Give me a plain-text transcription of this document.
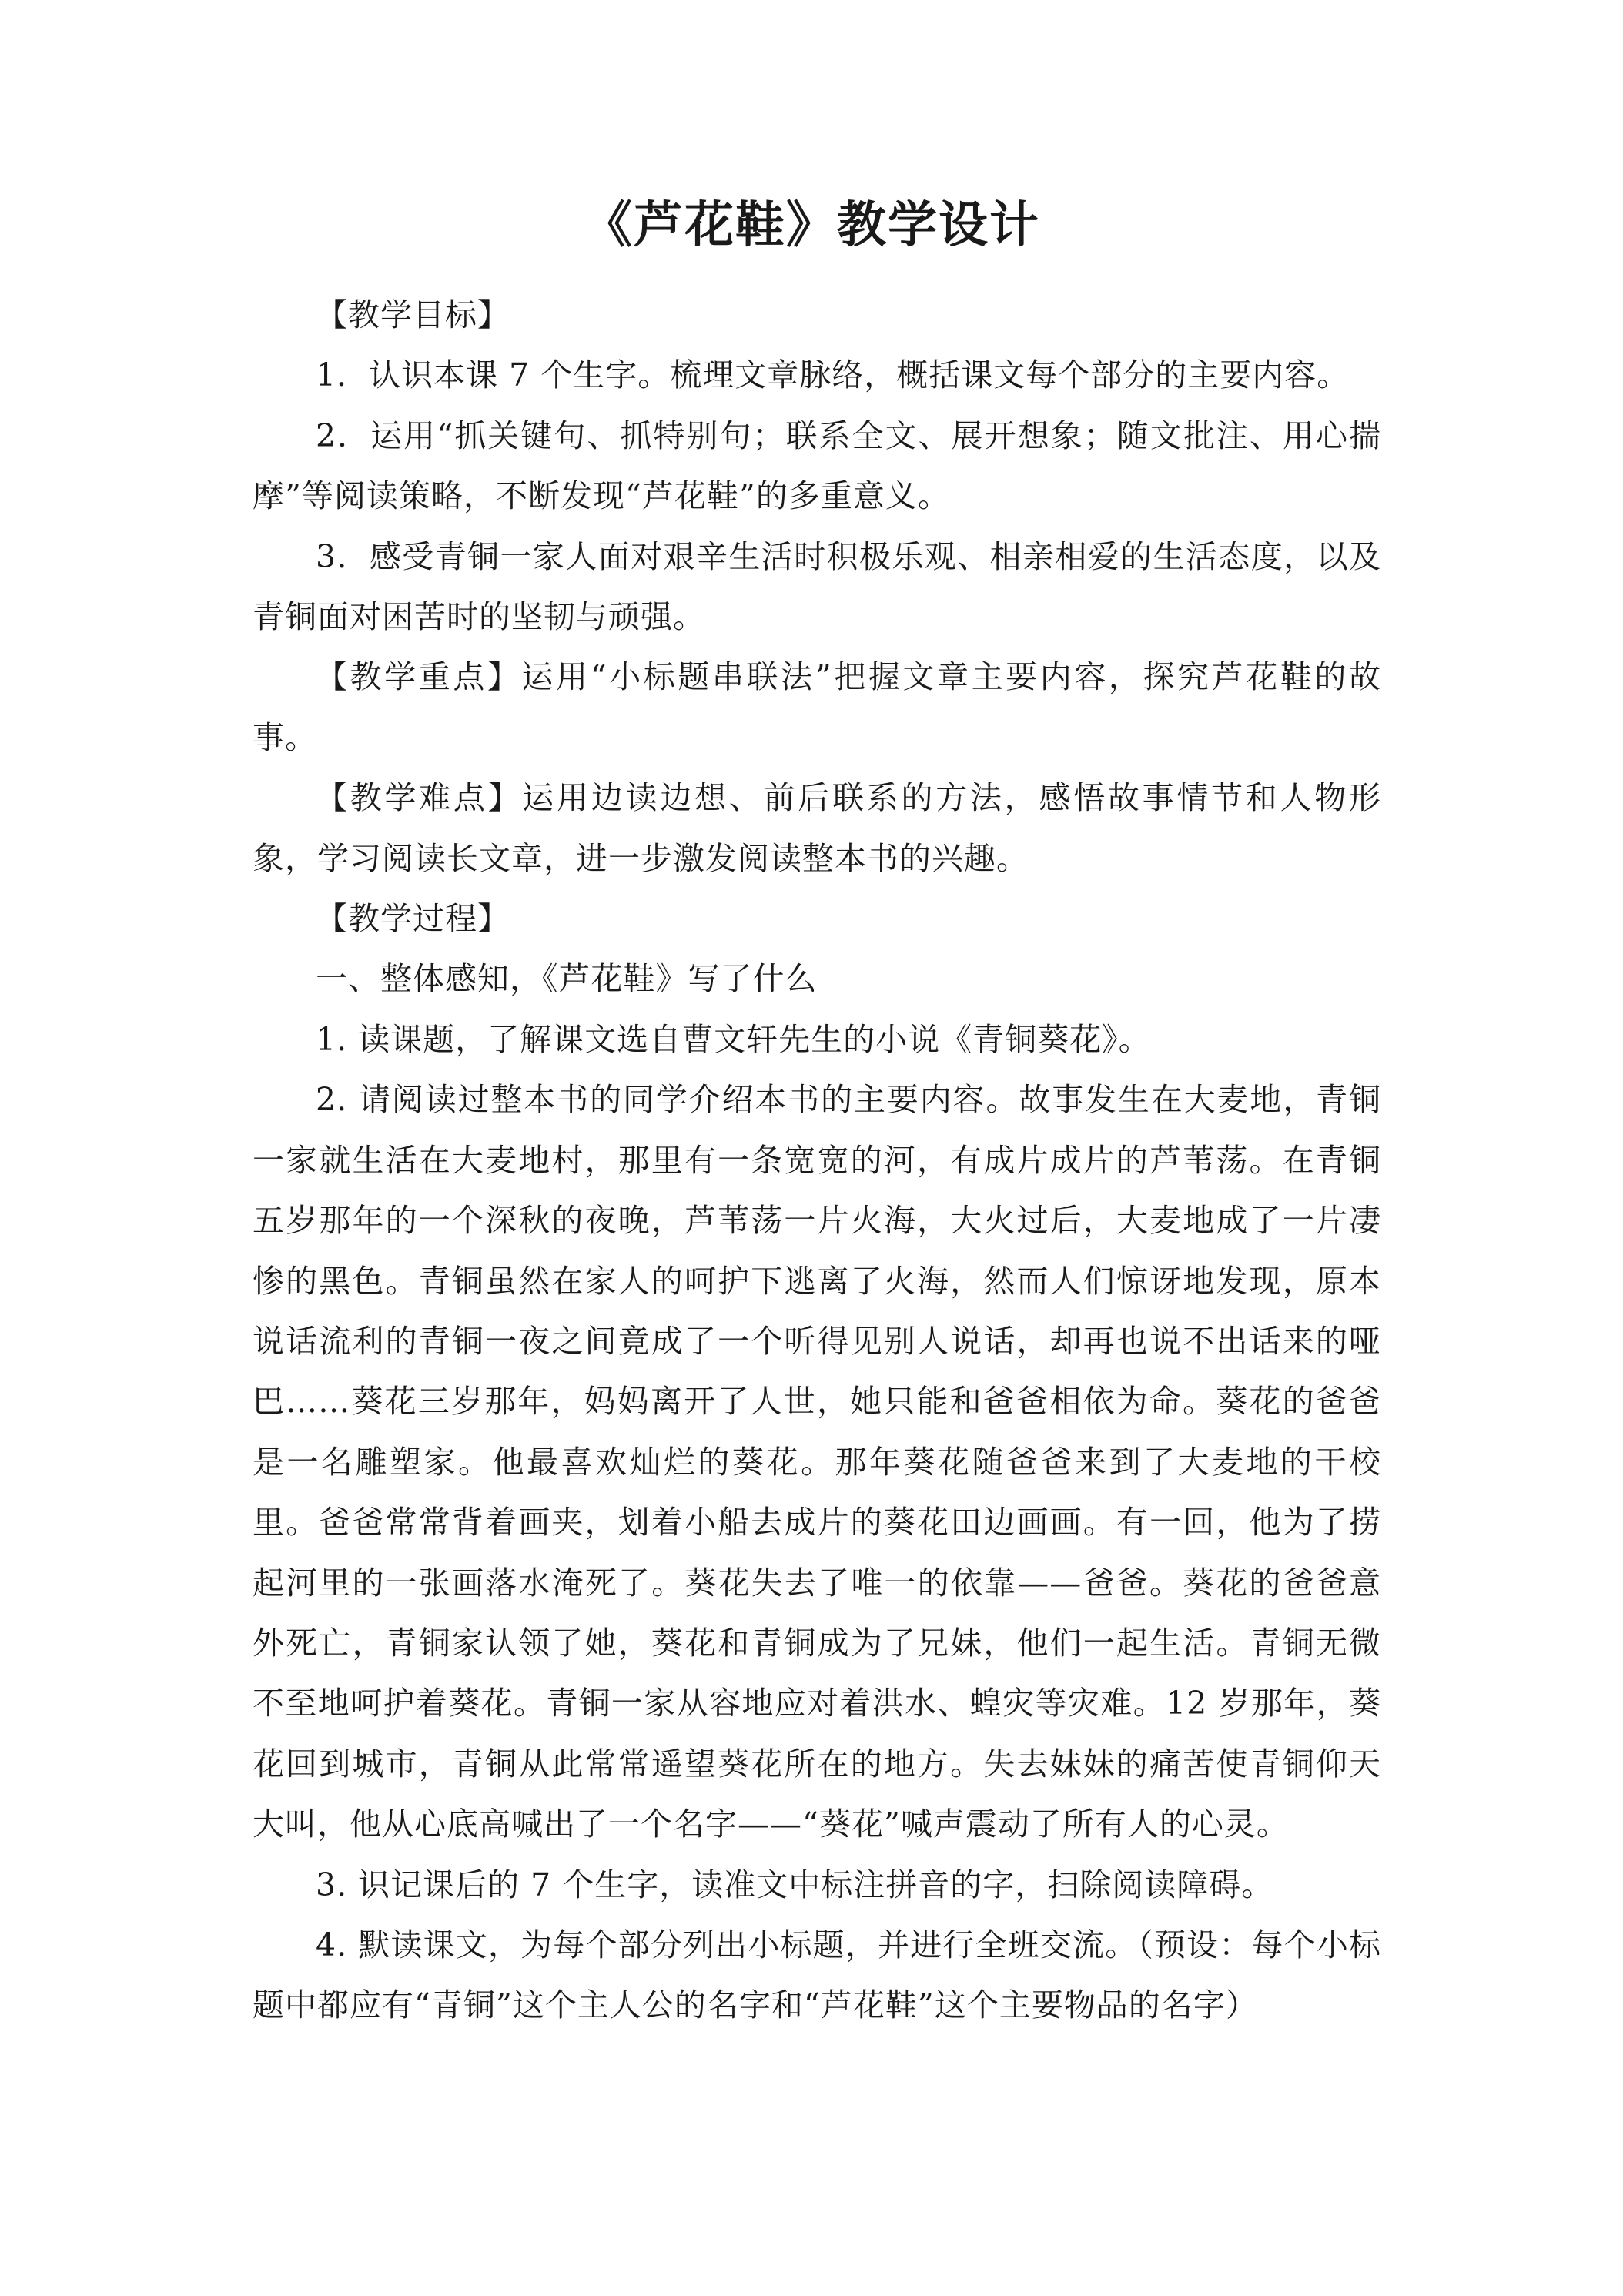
《芦花鞋》教学设计

【教学目标】

1．认识本课 7 个生字。梳理文章脉络，概括课文每个部分的主要内容。

2．运用“抓关键句、抓特别句；联系全文、展开想象；随文批注、用心揣摩”等阅读策略，不断发现“芦花鞋”的多重意义。

3．感受青铜一家人面对艰辛生活时积极乐观、相亲相爱的生活态度，以及青铜面对困苦时的坚韧与顽强。

【教学重点】运用“小标题串联法”把握文章主要内容，探究芦花鞋的故事。

【教学难点】运用边读边想、前后联系的方法，感悟故事情节和人物形象，学习阅读长文章，进一步激发阅读整本书的兴趣。

【教学过程】

一、整体感知，《芦花鞋》写了什么

1. 读课题，了解课文选自曹文轩先生的小说《青铜葵花》。

2. 请阅读过整本书的同学介绍本书的主要内容。故事发生在大麦地，青铜一家就生活在大麦地村，那里有一条宽宽的河，有成片成片的芦苇荡。在青铜五岁那年的一个深秋的夜晚，芦苇荡一片火海，大火过后，大麦地成了一片凄惨的黑色。青铜虽然在家人的呵护下逃离了火海，然而人们惊讶地发现，原本说话流利的青铜一夜之间竟成了一个听得见别人说话，却再也说不出话来的哑巴……葵花三岁那年，妈妈离开了人世，她只能和爸爸相依为命。葵花的爸爸是一名雕塑家。他最喜欢灿烂的葵花。那年葵花随爸爸来到了大麦地的干校里。爸爸常常背着画夹，划着小船去成片的葵花田边画画。有一回，他为了捞起河里的一张画落水淹死了。葵花失去了唯一的依靠——爸爸。葵花的爸爸意外死亡，青铜家认领了她，葵花和青铜成为了兄妹，他们一起生活。青铜无微不至地呵护着葵花。青铜一家从容地应对着洪水、蝗灾等灾难。12 岁那年，葵花回到城市，青铜从此常常遥望葵花所在的地方。失去妹妹的痛苦使青铜仰天大叫，他从心底高喊出了一个名字——“葵花”喊声震动了所有人的心灵。

3. 识记课后的 7 个生字，读准文中标注拼音的字，扫除阅读障碍。

4. 默读课文，为每个部分列出小标题，并进行全班交流。（预设：每个小标题中都应有“青铜”这个主人公的名字和“芦花鞋”这个主要物品的名字）
